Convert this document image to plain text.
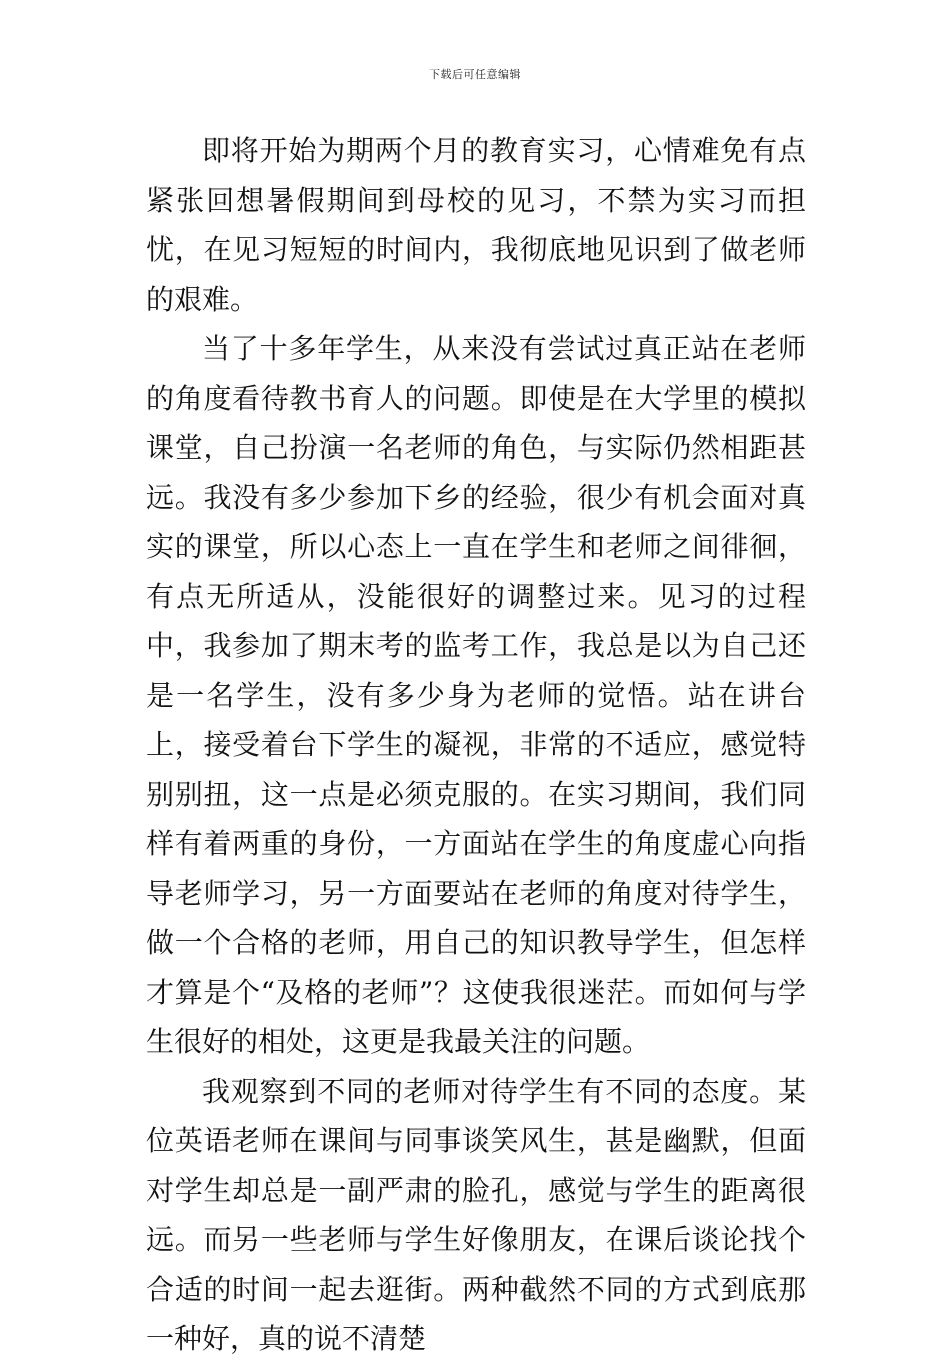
下载后可任意编辑

即将开始为期两个月的教育实习，心情难免有点紧张回想暑假期间到母校的见习，不禁为实习而担忧，在见习短短的时间内，我彻底地见识到了做老师的艰难。

当了十多年学生，从来没有尝试过真正站在老师的角度看待教书育人的问题。即使是在大学里的模拟课堂，自己扮演一名老师的角色，与实际仍然相距甚远。我没有多少参加下乡的经验，很少有机会面对真实的课堂，所以心态上一直在学生和老师之间徘徊，有点无所适从，没能很好的调整过来。见习的过程中，我参加了期末考的监考工作，我总是以为自己还是一名学生，没有多少身为老师的觉悟。站在讲台上，接受着台下学生的凝视，非常的不适应，感觉特别别扭，这一点是必须克服的。在实习期间，我们同样有着两重的身份，一方面站在学生的角度虚心向指导老师学习，另一方面要站在老师的角度对待学生，做一个合格的老师，用自己的知识教导学生，但怎样才算是个“及格的老师”？这使我很迷茫。而如何与学生很好的相处，这更是我最关注的问题。

我观察到不同的老师对待学生有不同的态度。某位英语老师在课间与同事谈笑风生，甚是幽默，但面对学生却总是一副严肃的脸孔，感觉与学生的距离很远。而另一些老师与学生好像朋友，在课后谈论找个合适的时间一起去逛街。两种截然不同的方式到底那一种好，真的说不清楚
